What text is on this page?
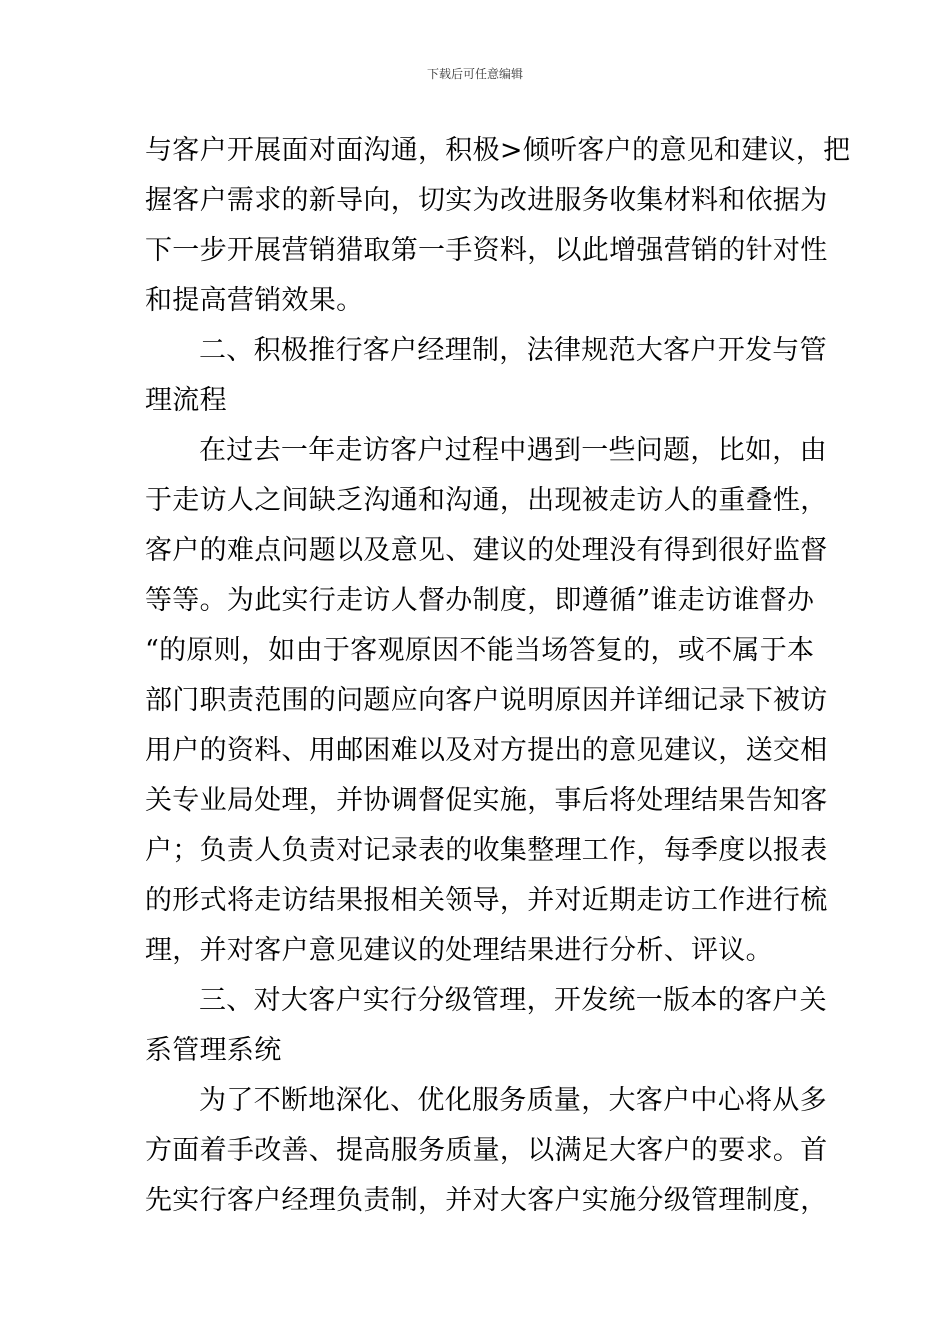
下载后可任意编辑
与客户开展面对面沟通，积极>倾听客户的意见和建议，把
握客户需求的新导向，切实为改进服务收集材料和依据为
下一步开展营销猎取第一手资料，以此增强营销的针对性
和提高营销效果。
二、积极推行客户经理制，法律规范大客户开发与管
理流程
在过去一年走访客户过程中遇到一些问题，比如，由
于走访人之间缺乏沟通和沟通，出现被走访人的重叠性，
客户的难点问题以及意见、建议的处理没有得到很好监督
等等。为此实行走访人督办制度，即遵循”谁走访谁督办
“的原则，如由于客观原因不能当场答复的，或不属于本
部门职责范围的问题应向客户说明原因并详细记录下被访
用户的资料、用邮困难以及对方提出的意见建议，送交相
关专业局处理，并协调督促实施，事后将处理结果告知客
户；负责人负责对记录表的收集整理工作，每季度以报表
的形式将走访结果报相关领导，并对近期走访工作进行梳
理，并对客户意见建议的处理结果进行分析、评议。
三、对大客户实行分级管理，开发统一版本的客户关
系管理系统
为了不断地深化、优化服务质量，大客户中心将从多
方面着手改善、提高服务质量，以满足大客户的要求。首
先实行客户经理负责制，并对大客户实施分级管理制度，
